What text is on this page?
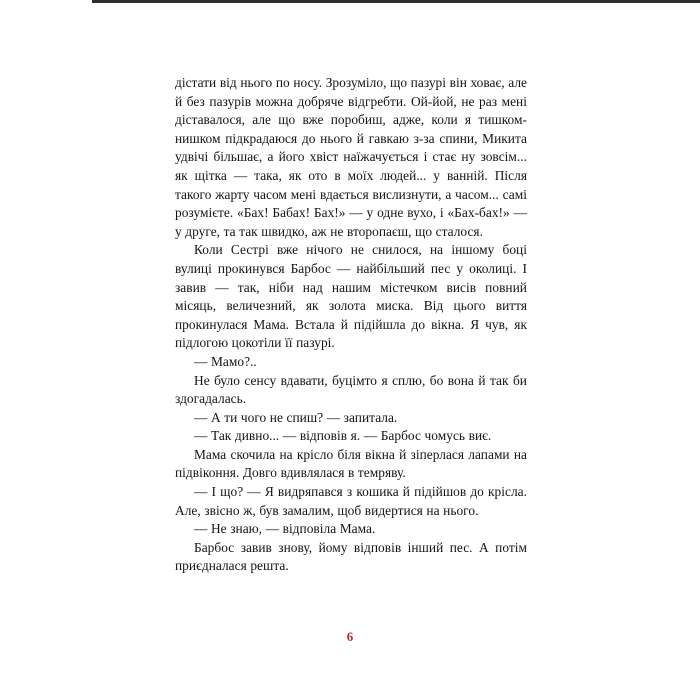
дістати від нього по носу. Зрозуміло, що пазурі він ховає, але й без пазурів можна добряче відгребти. Ой-йой, не раз мені діставалося, але що вже поробиш, адже, коли я тишком-нишком підкрадаюся до нього й гавкаю з-за спини, Микита удвічі більшає, а його хвіст наїжачується і стає ну зовсім... як щітка — така, як ото в моїх людей... у ванній. Після такого жарту часом мені вдається вислизнути, а часом... самі розумієте. «Бах! Бабах! Бах!» — у одне вухо, і «Бах-бах!» — у друге, та так швидко, аж не второпаєш, що сталося.

Коли Сестрі вже нічого не снилося, на іншому боці вулиці прокинувся Барбос — найбільший пес у околиці. І завив — так, ніби над нашим містечком висів повний місяць, величезний, як золота миска. Від цього виття прокинулася Мама. Встала й підійшла до вікна. Я чув, як підлогою цокотіли її пазурі.

— Мамо?..

Не було сенсу вдавати, буцімто я сплю, бо вона й так би здогадалась.

— А ти чого не спиш? — запитала.

— Так дивно... — відповів я. — Барбос чомусь виє.

Мама скочила на крісло біля вікна й зіперлася лапами на підвіконня. Довго вдивлялася в темряву.

— І що? — Я видряпався з кошика й підійшов до крісла. Але, звісно ж, був замалим, щоб видертися на нього.

— Не знаю, — відповіла Мама.

Барбос завив знову, йому відповів інший пес. А потім приєдналася решта.

6
